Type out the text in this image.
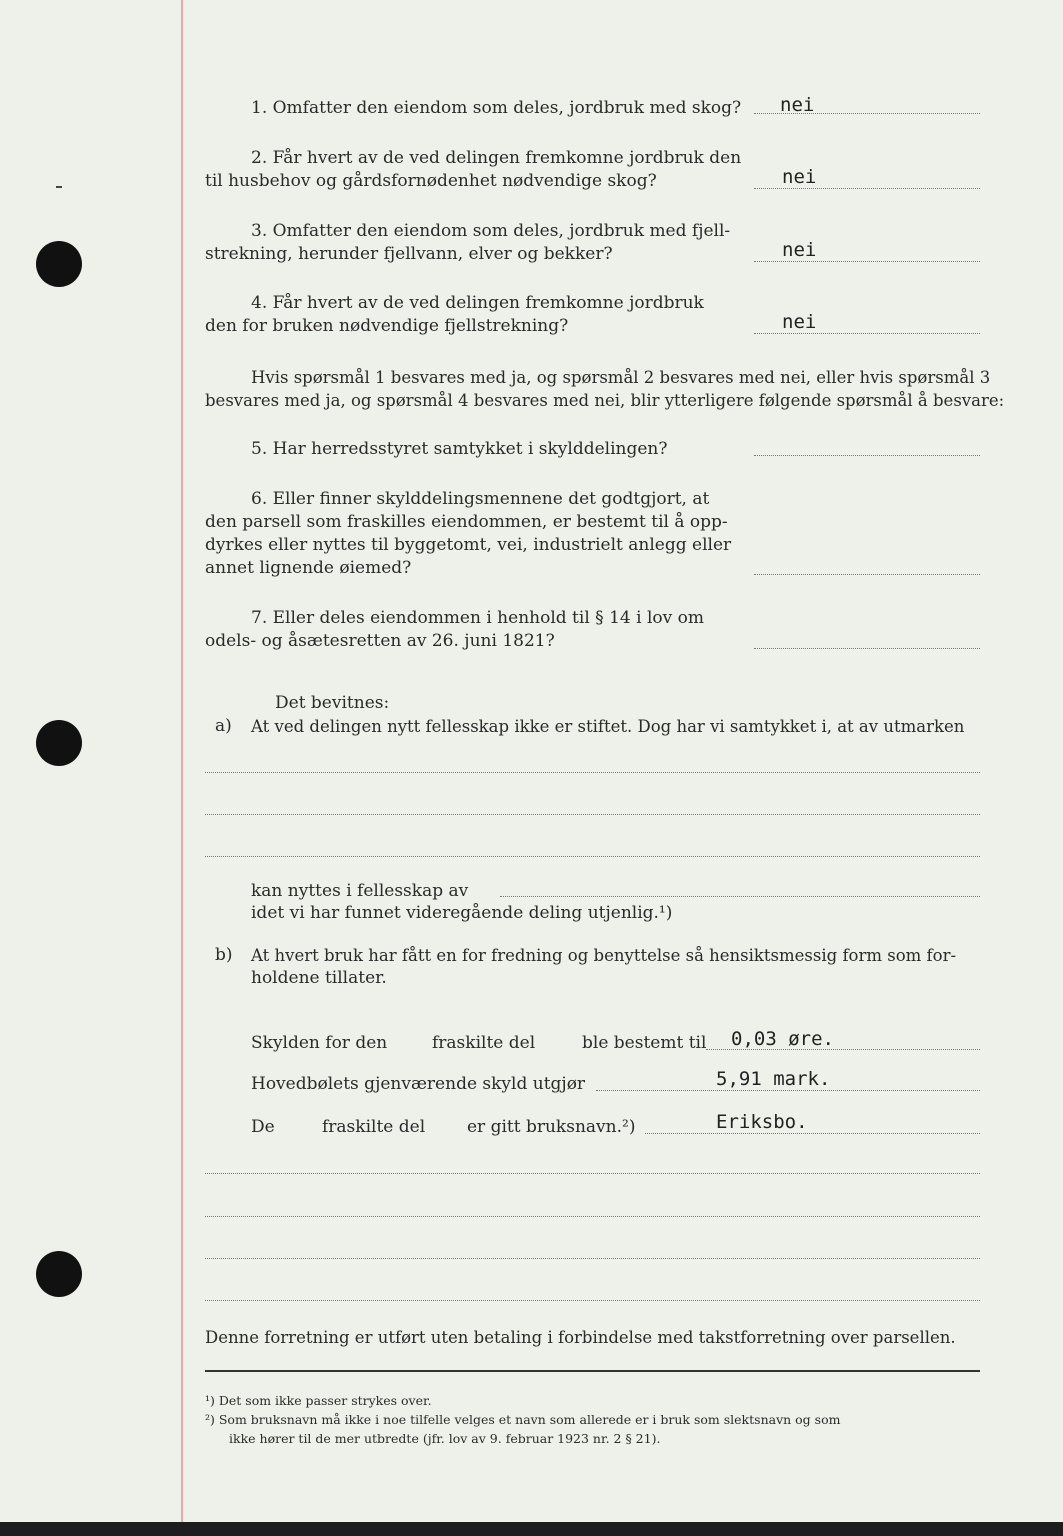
1. Omfatter den eiendom som deles, jordbruk med skog? nei
2. Får hvert av de ved delingen fremkomne jordbruk den
til husbehov og gårdsfornødenhet nødvendige skog?	nei
3. Omfatter den eiendom som deles, jordbruk med fjell-
strekning, herunder fjellvann, elver og bekker?	nei
4. Får hvert av de ved delingen fremkomne jordbruk
den for bruken nødvendige fjellstrekning?	nei
Hvis spørsmål 1 besvares med ja, og spørsmål 2 besvares med nei, eller hvis spørsmål 3
besvares med ja, og spørsmål 4 besvares med nei, blir ytterligere følgende spørsmål å besvare:
5. Har herredsstyret samtykket i skylddelingen?
6. Eller finner skylddelingsmennene det godtgjort, at
den parsell som fraskilles eiendommen, er bestemt til å opp-
dyrkes eller nyttes til byggetomt, vei, industrielt anlegg eller
annet lignende øiemed?
7. Eller deles eiendommen i henhold til § 14 i lov om
odels- og åsætesretten av 26. juni 1821?
Det bevitnes:
a) At ved delingen nytt fellesskap ikke er stiftet. Dog har vi samtykket i, at av utmarken
kan nyttes i fellesskap av
idet vi har funnet videregående deling utjenlig.¹)
b) At hvert bruk har fått en for fredning og benyttelse så hensiktsmessig form som for-
holdene tillater.
Skylden for den	fraskilte del	ble bestemt til 0,03 øre.
Hovedbølets gjenværende skyld utgjør	5,91 mark.
De	fraskilte del er gitt bruksnavn.²)	Eriksbo.
Denne forretning er utført uten betaling i forbindelse med takstforretning over parsellen.
¹) Det som ikke passer strykes over.
²) Som bruksnavn må ikke i noe tilfelle velges et navn som allerede er i bruk som slektsnavn og som
ikke hører til de mer utbredte (jfr. lov av 9. februar 1923 nr. 2 § 21).
